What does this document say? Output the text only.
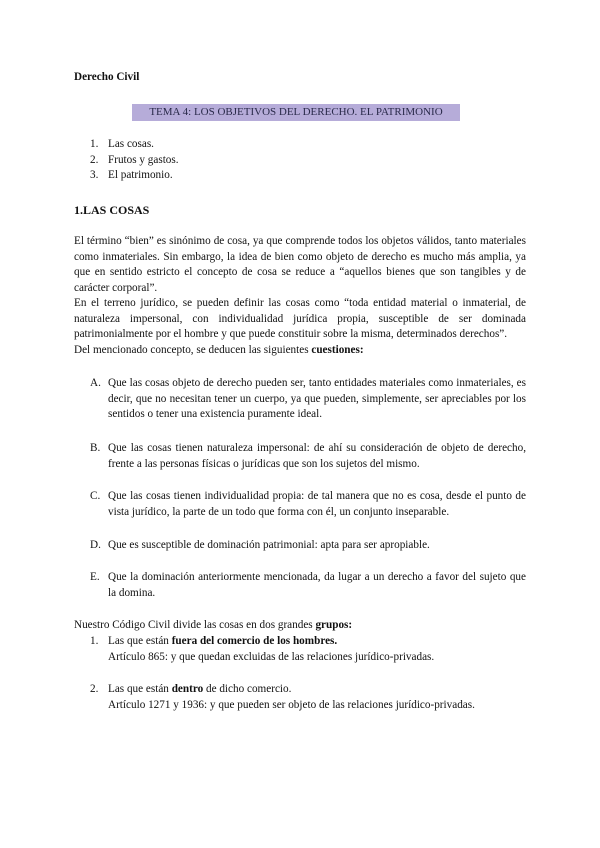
Derecho Civil
TEMA 4: LOS OBJETIVOS DEL DERECHO. EL PATRIMONIO
1. Las cosas.
2. Frutos y gastos.
3. El patrimonio.
1.LAS COSAS

El término “bien” es sinónimo de cosa, ya que comprende todos los objetos válidos, tanto materiales como inmateriales. Sin embargo, la idea de bien como objeto de derecho es mucho más amplia, ya que en sentido estricto el concepto de cosa se reduce a “aquellos bienes que son tangibles y de carácter corporal”.

En el terreno jurídico, se pueden definir las cosas como “toda entidad material o inmaterial, de naturaleza impersonal, con individualidad jurídica propia, susceptible de ser dominada patrimonialmente por el hombre y que puede constituir sobre la misma, determinados derechos”.

Del mencionado concepto, se deducen las siguientes cuestiones:

A. Que las cosas objeto de derecho pueden ser, tanto entidades materiales como inmateriales, es decir, que no necesitan tener un cuerpo, ya que pueden, simplemente, ser apreciables por los sentidos o tener una existencia puramente ideal.
B. Que las cosas tienen naturaleza impersonal: de ahí su consideración de objeto de derecho, frente a las personas físicas o jurídicas que son los sujetos del mismo.
C. Que las cosas tienen individualidad propia: de tal manera que no es cosa, desde el punto de vista jurídico, la parte de un todo que forma con él, un conjunto inseparable.
D. Que es susceptible de dominación patrimonial: apta para ser apropiable.
E. Que la dominación anteriormente mencionada, da lugar a un derecho a favor del sujeto que la domina.
Nuestro Código Civil divide las cosas en dos grandes grupos:
1. Las que están fuera del comercio de los hombres.
Artículo 865: y que quedan excluidas de las relaciones jurídico-privadas.
2. Las que están dentro de dicho comercio.
Artículo 1271 y 1936: y que pueden ser objeto de las relaciones jurídico-privadas.
